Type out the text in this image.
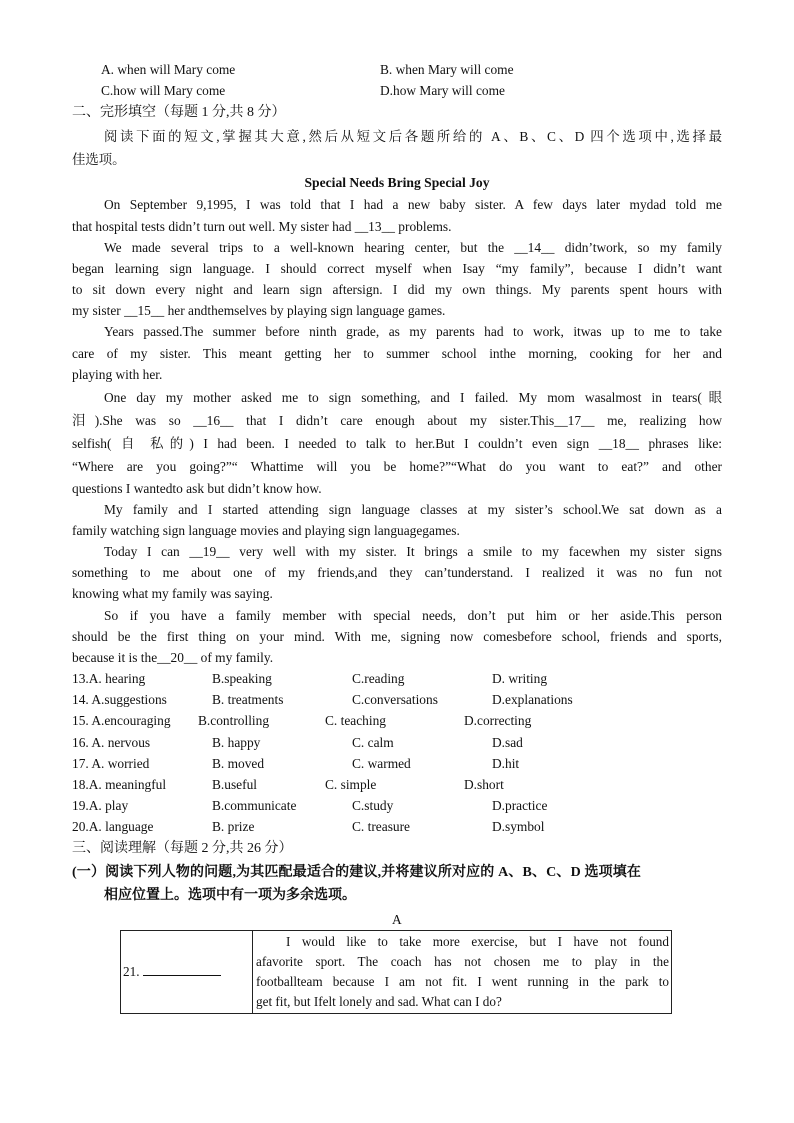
A. when will Mary come	B. when Mary will come
C.how will Mary come	D.how Mary will come
二、完形填空（每题 1 分,共 8 分）
阅读下面的短文,掌握其大意,然后从短文后各题所给的 A、B、C、D 四个选项中,选择最
佳选项。
Special Needs Bring Special Joy
On September 9,1995, I was told that I had a new baby sister. A few days later mydad told me
that hospital tests didn’t turn out well. My sister had __13__ problems.
We made several trips to a well-known hearing center, but the __14__ didn’twork, so my family
began learning sign language. I should correct myself when Isay “my family”, because I didn’t want
to sit down every night and learn sign aftersign. I did my own things. My parents spent hours with
my sister __15__ her andthemselves by playing sign language games.
Years passed.The summer before ninth grade, as my parents had to work, itwas up to me to take
care of my sister. This meant getting her to summer school inthe morning, cooking for her and
playing with her.
One day my mother asked me to sign something, and I failed. My mom wasalmost in tears(眼
泪).She was so __16__ that I didn’t care enough about my sister.This__17__ me, realizing how
selfish( 自 私的) I had been. I needed to talk to her.But I couldn’t even sign __18__ phrases like:
“Where are you going?”“ Whattime will you be home?”“What do you want to eat?” and other
questions I wantedto ask but didn’t know how.
My family and I started attending sign language classes at my sister’s school.We sat down as a
family watching sign language movies and playing sign languagegames.
Today I can __19__ very well with my sister. It brings a smile to my facewhen my sister signs
something to me about one of my friends,and they can’tunderstand. I realized it was no fun not
knowing what my family was saying.
So if you have a family member with special needs, don’t put him or her aside.This person
should be the first thing on your mind. With me, signing now comesbefore school, friends and sports,
because it is the__20__ of my family.
13.A. hearing	B.speaking	C.reading	D. writing
14. A.suggestions	B. treatments	C.conversations	D.explanations
15. A.encouraging B.controlling	C. teaching	D.correcting
16. A. nervous	B. happy	C. calm	D.sad
17. A. worried	B. moved	C. warmed	D.hit
18.A. meaningful	B.useful	C. simple	D.short
19.A. play	B.communicate	C.study	D.practice
20.A. language	B. prize	C. treasure	D.symbol
三、阅读理解（每题 2 分,共 26 分）
(一）阅读下列人物的问题,为其匹配最适合的建议,并将建议所对应的 A、B、C、D 选项填在
相应位置上。选项中有一项为多余选项。
A
21.	
I would like to take more exercise, but I have not found
afavorite sport. The coach has not chosen me to play in the
footballteam because I am not fit. I went running in the park to
get fit, but Ifelt lonely and sad. What can I do?
